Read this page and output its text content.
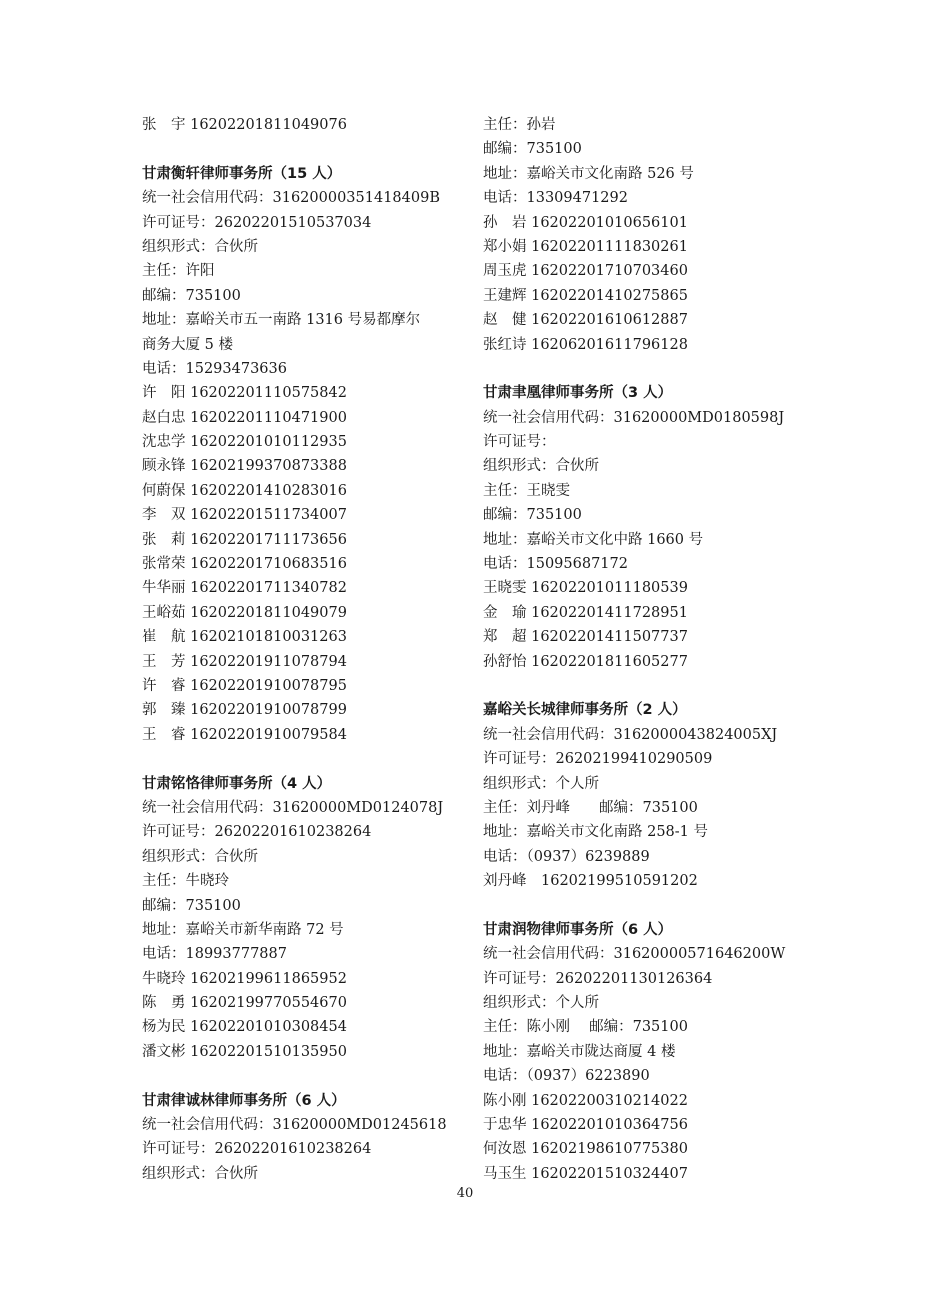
张　宇 16202201811049076
甘肃衡轩律师事务所（15 人）
统一社会信用代码：31620000351418409B
许可证号：26202201510537034
组织形式：合伙所
主任：许阳
邮编：735100
地址：嘉峪关市五一南路 1316 号易都摩尔
商务大厦 5 楼
电话：15293473636
许　阳 16202201110575842
赵白忠 16202201110471900
沈忠学 16202201010112935
顾永锋 16202199370873388
何蔚保 16202201410283016
李　双 16202201511734007
张　莉 16202201711173656
张常荣 16202201710683516
牛华丽 16202201711340782
王峪茹 16202201811049079
崔　航 16202101810031263
王　芳 16202201911078794
许　睿 16202201910078795
郭　臻 16202201910078799
王　睿 16202201910079584
甘肃铭恪律师事务所（4 人）
统一社会信用代码：31620000MD0124078J
许可证号：26202201610238264
组织形式：合伙所
主任：牛晓玲
邮编：735100
地址：嘉峪关市新华南路 72 号
电话：18993777887
牛晓玲 16202199611865952
陈　勇 16202199770554670
杨为民 16202201010308454
潘文彬 16202201510135950
甘肃律诚林律师事务所（6 人）
统一社会信用代码：31620000MD01245618
许可证号：26202201610238264
组织形式：合伙所
主任：孙岩
邮编：735100
地址：嘉峪关市文化南路 526 号
电话：13309471292
孙　岩 16202201010656101
郑小娟 16202201111830261
周玉虎 16202201710703460
王建辉 16202201410275865
赵　健 16202201610612887
张红诗 16206201611796128
甘肃聿凰律师事务所（3 人）
统一社会信用代码：31620000MD0180598J
许可证号：
组织形式：合伙所
主任：王晓雯
邮编：735100
地址：嘉峪关市文化中路 1660 号
电话：15095687172
王晓雯 16202201011180539
金　瑜 16202201411728951
郑　超 16202201411507737
孙舒怡 16202201811605277
嘉峪关长城律师事务所（2 人）
统一社会信用代码：3162000043824005XJ
许可证号：26202199410290509
组织形式：个人所
主任：刘丹峰　　邮编：735100
地址：嘉峪关市文化南路 258-1 号
电话：（0937）6239889
刘丹峰　16202199510591202
甘肃润物律师事务所（6 人）
统一社会信用代码：31620000571646200W
许可证号：26202201130126364
组织形式：个人所
主任：陈小刚　 邮编：735100
地址：嘉峪关市陇达商厦 4 楼
电话：（0937）6223890
陈小刚 16202200310214022
于忠华 16202201010364756
何汝恩 16202198610775380
马玉生 16202201510324407
40
